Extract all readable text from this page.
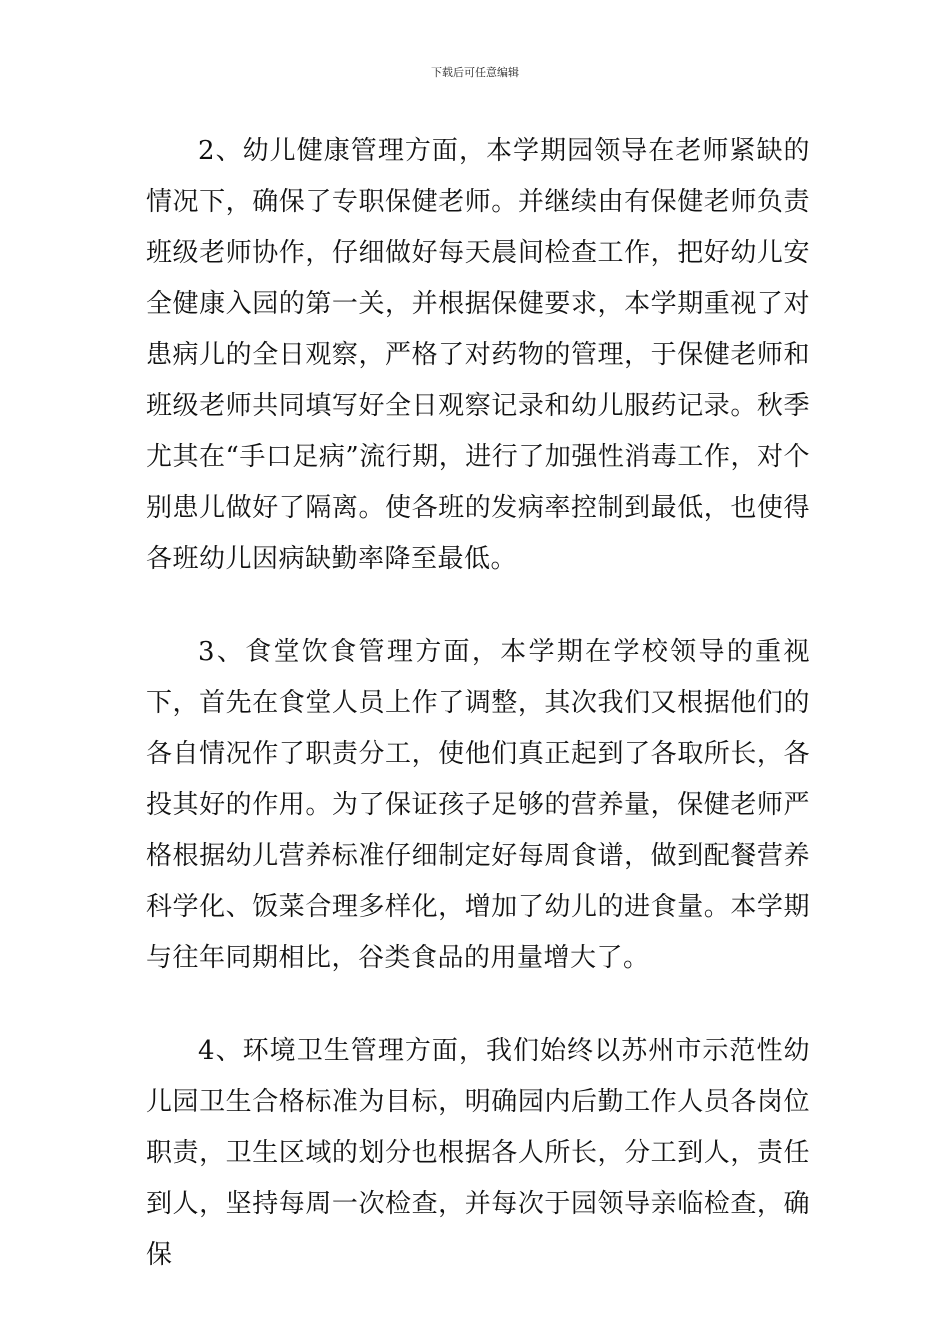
下载后可任意编辑

2、幼儿健康管理方面，本学期园领导在老师紧缺的情况下，确保了专职保健老师。并继续由有保健老师负责班级老师协作，仔细做好每天晨间检查工作，把好幼儿安全健康入园的第一关，并根据保健要求，本学期重视了对患病儿的全日观察，严格了对药物的管理，于保健老师和班级老师共同填写好全日观察记录和幼儿服药记录。秋季尤其在“手口足病”流行期，进行了加强性消毒工作，对个别患儿做好了隔离。使各班的发病率控制到最低，也使得各班幼儿因病缺勤率降至最低。

3、食堂饮食管理方面，本学期在学校领导的重视下，首先在食堂人员上作了调整，其次我们又根据他们的各自情况作了职责分工，使他们真正起到了各取所长，各投其好的作用。为了保证孩子足够的营养量，保健老师严格根据幼儿营养标准仔细制定好每周食谱，做到配餐营养科学化、饭菜合理多样化，增加了幼儿的进食量。本学期与往年同期相比，谷类食品的用量增大了。

4、环境卫生管理方面，我们始终以苏州市示范性幼儿园卫生合格标准为目标，明确园内后勤工作人员各岗位职责，卫生区域的划分也根据各人所长，分工到人，责任到人，坚持每周一次检查，并每次于园领导亲临检查，确保
